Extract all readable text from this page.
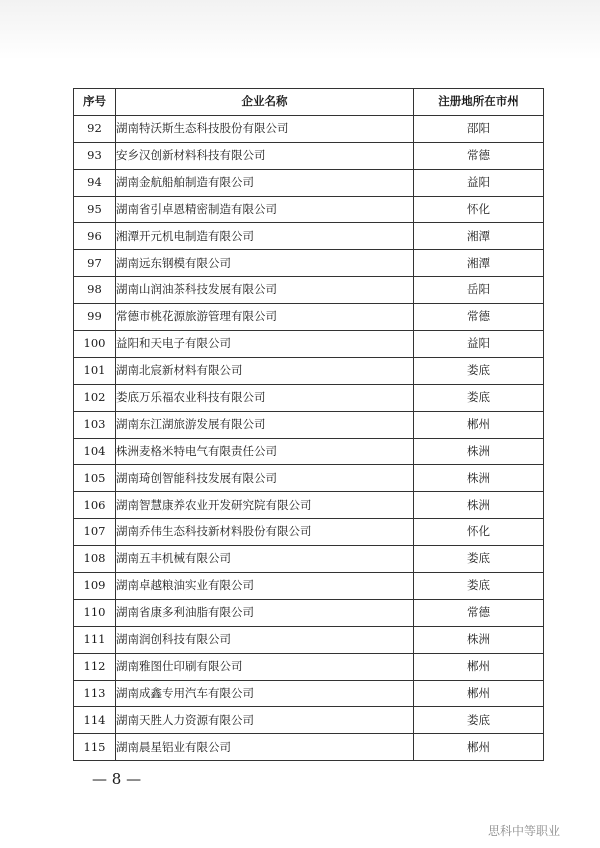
序号	企业名称	注册地所在市州
92	湖南特沃斯生态科技股份有限公司	邵阳
93	安乡汉创新材料科技有限公司	常德
94	湖南金航船舶制造有限公司	益阳
95	湖南省引卓恩精密制造有限公司	怀化
96	湘潭开元机电制造有限公司	湘潭
97	湖南远东钢模有限公司	湘潭
98	湖南山润油茶科技发展有限公司	岳阳
99	常德市桃花源旅游管理有限公司	常德
100	益阳和天电子有限公司	益阳
101	湖南北宸新材料有限公司	娄底
102	娄底万乐福农业科技有限公司	娄底
103	湖南东江湖旅游发展有限公司	郴州
104	株洲麦格米特电气有限责任公司	株洲
105	湖南琦创智能科技发展有限公司	株洲
106	湖南智慧康养农业开发研究院有限公司	株洲
107	湖南乔伟生态科技新材料股份有限公司	怀化
108	湖南五丰机械有限公司	娄底
109	湖南卓越粮油实业有限公司	娄底
110	湖南省康多利油脂有限公司	常德
111	湖南润创科技有限公司	株洲
112	湖南雅图仕印刷有限公司	郴州
113	湖南成鑫专用汽车有限公司	郴州
114	湖南天胜人力资源有限公司	娄底
115	湖南晨星铝业有限公司	郴州
— 8 —
思科中等职业
